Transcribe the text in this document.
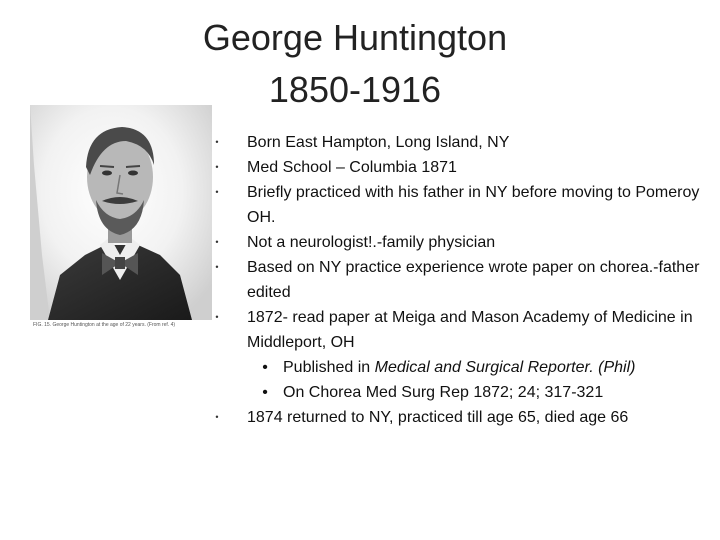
George Huntington
1850-1916
FIG. 15. George Huntington at the age of 22 years. (From ref. 4)
• Born East Hampton, Long Island, NY
• Med School – Columbia 1871
• Briefly practiced with his father in NY before moving to Pomeroy OH.
• Not a neurologist!.-family physician
• Based on NY practice experience wrote paper on chorea.-father edited
• 1872- read paper at Meiga and Mason Academy of Medicine in Middleport, OH
• Published in Medical and Surgical Reporter. (Phil)
• On Chorea Med Surg Rep 1872; 24; 317-321
• 1874 returned to NY, practiced till age 65, died age 66
